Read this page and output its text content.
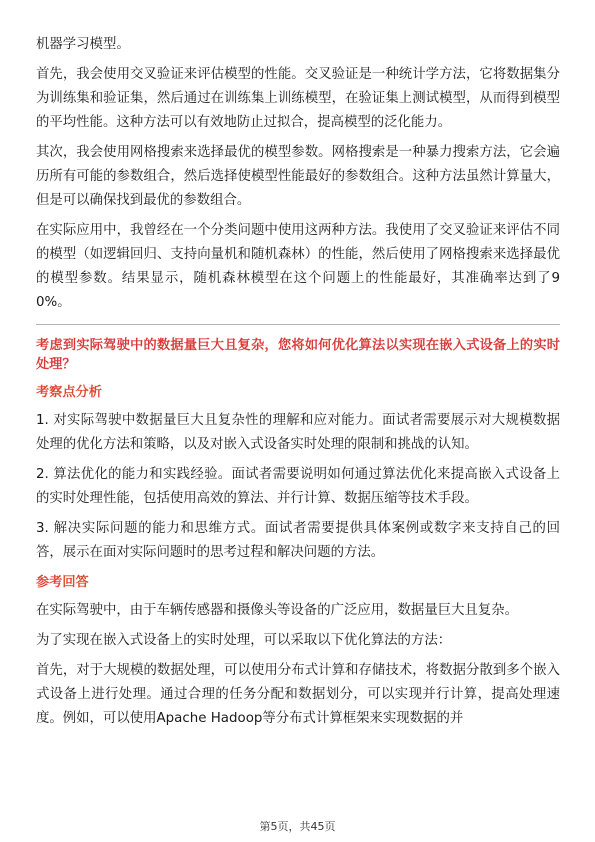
机器学习模型。

首先，我会使用交叉验证来评估模型的性能。交叉验证是一种统计学方法，它将数据集分为训练集和验证集，然后通过在训练集上训练模型，在验证集上测试模型，从而得到模型的平均性能。这种方法可以有效地防止过拟合，提高模型的泛化能力。

其次，我会使用网格搜索来选择最优的模型参数。网格搜索是一种暴力搜索方法，它会遍历所有可能的参数组合，然后选择使模型性能最好的参数组合。这种方法虽然计算量大，但是可以确保找到最优的参数组合。

在实际应用中，我曾经在一个分类问题中使用这两种方法。我使用了交叉验证来评估不同的模型（如逻辑回归、支持向量机和随机森林）的性能，然后使用了网格搜索来选择最优的模型参数。结果显示，随机森林模型在这个问题上的性能最好，其准确率达到了90%。

考虑到实际驾驶中的数据量巨大且复杂，您将如何优化算法以实现在嵌入式设备上的实时处理？
考察点分析

1. 对实际驾驶中数据量巨大且复杂性的理解和应对能力。面试者需要展示对大规模数据处理的优化方法和策略，以及对嵌入式设备实时处理的限制和挑战的认知。

2. 算法优化的能力和实践经验。面试者需要说明如何通过算法优化来提高嵌入式设备上的实时处理性能，包括使用高效的算法、并行计算、数据压缩等技术手段。

3. 解决实际问题的能力和思维方式。面试者需要提供具体案例或数字来支持自己的回答，展示在面对实际问题时的思考过程和解决问题的方法。

参考回答

在实际驾驶中，由于车辆传感器和摄像头等设备的广泛应用，数据量巨大且复杂。

为了实现在嵌入式设备上的实时处理，可以采取以下优化算法的方法：

首先，对于大规模的数据处理，可以使用分布式计算和存储技术，将数据分散到多个嵌入式设备上进行处理。通过合理的任务分配和数据划分，可以实现并行计算，提高处理速度。例如，可以使用Apache Hadoop等分布式计算框架来实现数据的并

第5页，共45页
